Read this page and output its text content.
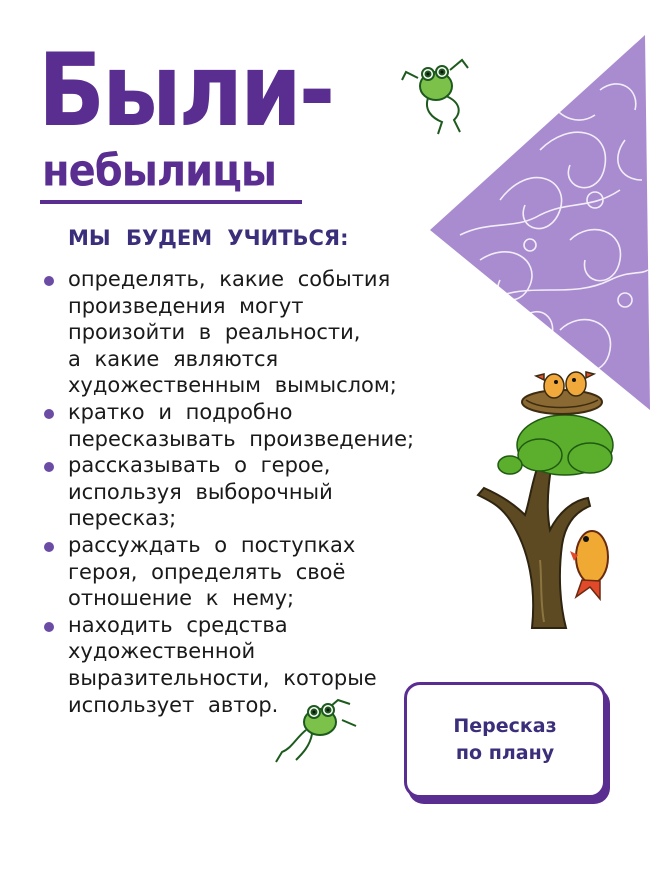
Были-
небылицы

МЫ БУДЕМ УЧИТЬСЯ:

определять, какие события
произведения могут
произойти в реальности,
а какие являются
художественным вымыслом;
кратко и подробно
пересказывать произведение;
рассказывать о герое,
используя выборочный
пересказ;
рассуждать о поступках
героя, определять своё
отношение к нему;
находить средства
художественной
выразительности, которые
использует автор.
Пересказ
по плану
